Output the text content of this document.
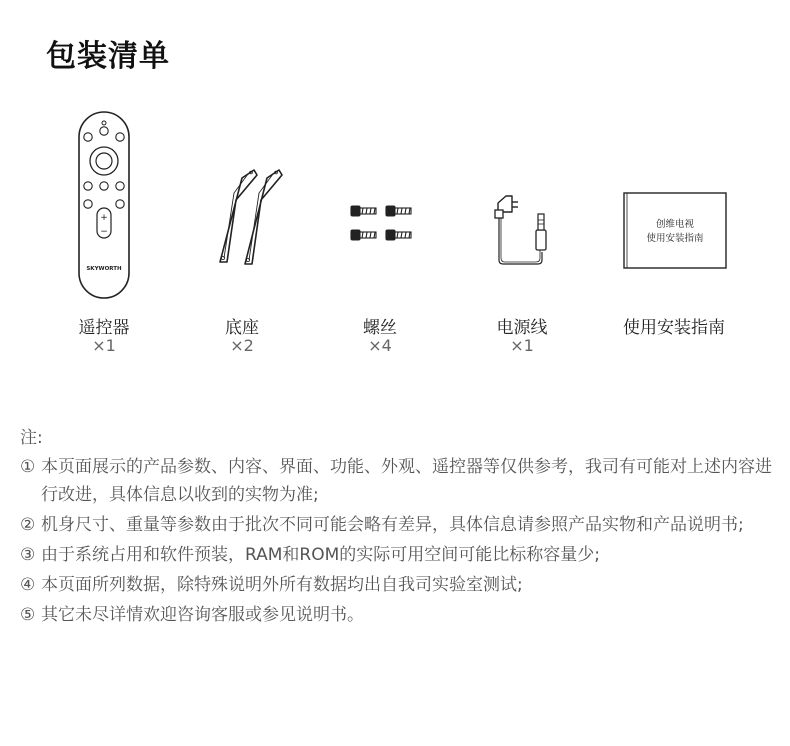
包装清单
+
−
SKYWORTH
遥控器
×1
底座
×2
螺丝
×4
电源线
×1
创维电视
使用安装指南
使用安装指南
注:
① 本页面展示的产品参数、内容、界面、功能、外观、遥控器等仅供参考，我司有可能对上述内容进行改进，具体信息以收到的实物为准;
② 机身尺寸、重量等参数由于批次不同可能会略有差异，具体信息请参照产品实物和产品说明书;
③ 由于系统占用和软件预装，RAM和ROM的实际可用空间可能比标称容量少;
④ 本页面所列数据，除特殊说明外所有数据均出自我司实验室测试;
⑤ 其它未尽详情欢迎咨询客服或参见说明书。
